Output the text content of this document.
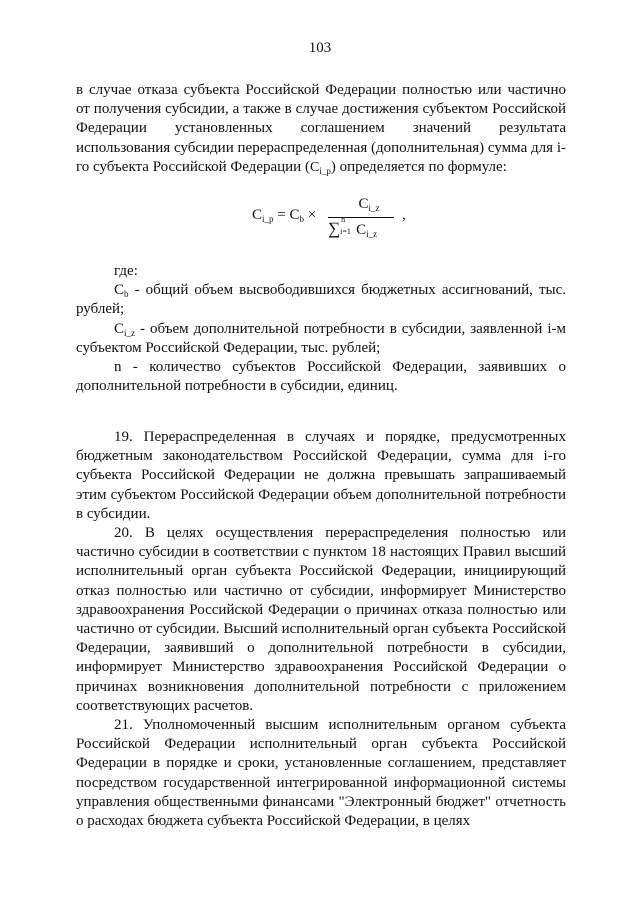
103

в случае отказа субъекта Российской Федерации полностью или частично от получения субсидии, а также в случае достижения субъектом Российской Федерации установленных соглашением значений результата использования субсидии перераспределенная (дополнительная) сумма для i-го субъекта Российской Федерации $(C_{i\_p})$ определяется по формуле:

$C_{i\_p} = C_b$ ×
$C_{i\_z}$
∑ n
i=1 $C_{i\_z}$
,

где:

$C_b$ - общий объем высвободившихся бюджетных ассигнований, тыс. рублей;

$C_{i\_z}$ - объем дополнительной потребности в субсидии, заявленной i-м субъектом Российской Федерации, тыс. рублей;

n - количество субъектов Российской Федерации, заявивших о дополнительной потребности в субсидии, единиц.

19. Перераспределенная в случаях и порядке, предусмотренных бюджетным законодательством Российской Федерации, сумма для i-го субъекта Российской Федерации не должна превышать запрашиваемый этим субъектом Российской Федерации объем дополнительной потребности в субсидии.

20. В целях осуществления перераспределения полностью или частично субсидии в соответствии с пунктом 18 настоящих Правил высший исполнительный орган субъекта Российской Федерации, инициирующий отказ полностью или частично от субсидии, информирует Министерство здравоохранения Российской Федерации о причинах отказа полностью или частично от субсидии. Высший исполнительный орган субъекта Российской Федерации, заявивший о дополнительной потребности в субсидии, информирует Министерство здравоохранения Российской Федерации о причинах возникновения дополнительной потребности с приложением соответствующих расчетов.

21. Уполномоченный высшим исполнительным органом субъекта Российской Федерации исполнительный орган субъекта Российской Федерации в порядке и сроки, установленные соглашением, представляет посредством государственной интегрированной информационной системы управления общественными финансами "Электронный бюджет" отчетность о расходах бюджета субъекта Российской Федерации, в целях
